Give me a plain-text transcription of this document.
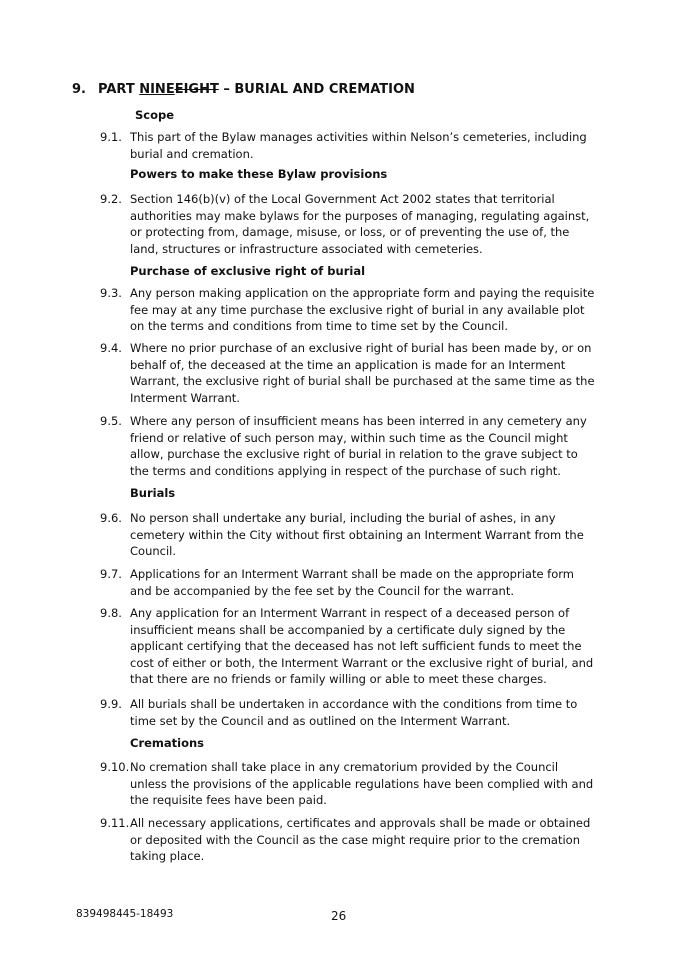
9. PART NINEEIGHT – BURIAL AND CREMATION
Scope
9.1. This part of the Bylaw manages activities within Nelson’s cemeteries, including burial and cremation.
Powers to make these Bylaw provisions
9.2. Section 146(b)(v) of the Local Government Act 2002 states that territorial authorities may make bylaws for the purposes of managing, regulating against, or protecting from, damage, misuse, or loss, or of preventing the use of, the land, structures or infrastructure associated with cemeteries.
Purchase of exclusive right of burial
9.3. Any person making application on the appropriate form and paying the requisite fee may at any time purchase the exclusive right of burial in any available plot on the terms and conditions from time to time set by the Council.
9.4. Where no prior purchase of an exclusive right of burial has been made by, or on behalf of, the deceased at the time an application is made for an Interment Warrant, the exclusive right of burial shall be purchased at the same time as the Interment Warrant.
9.5. Where any person of insufficient means has been interred in any cemetery any friend or relative of such person may, within such time as the Council might allow, purchase the exclusive right of burial in relation to the grave subject to the terms and conditions applying in respect of the purchase of such right.
Burials
9.6. No person shall undertake any burial, including the burial of ashes, in any cemetery within the City without first obtaining an Interment Warrant from the Council.
9.7. Applications for an Interment Warrant shall be made on the appropriate form and be accompanied by the fee set by the Council for the warrant.
9.8. Any application for an Interment Warrant in respect of a deceased person of insufficient means shall be accompanied by a certificate duly signed by the applicant certifying that the deceased has not left sufficient funds to meet the cost of either or both, the Interment Warrant or the exclusive right of burial, and that there are no friends or family willing or able to meet these charges.
9.9. All burials shall be undertaken in accordance with the conditions from time to time set by the Council and as outlined on the Interment Warrant.
Cremations
9.10. No cremation shall take place in any crematorium provided by the Council unless the provisions of the applicable regulations have been complied with and the requisite fees have been paid.
9.11. All necessary applications, certificates and approvals shall be made or obtained or deposited with the Council as the case might require prior to the cremation taking place.
839498445-18493	26
